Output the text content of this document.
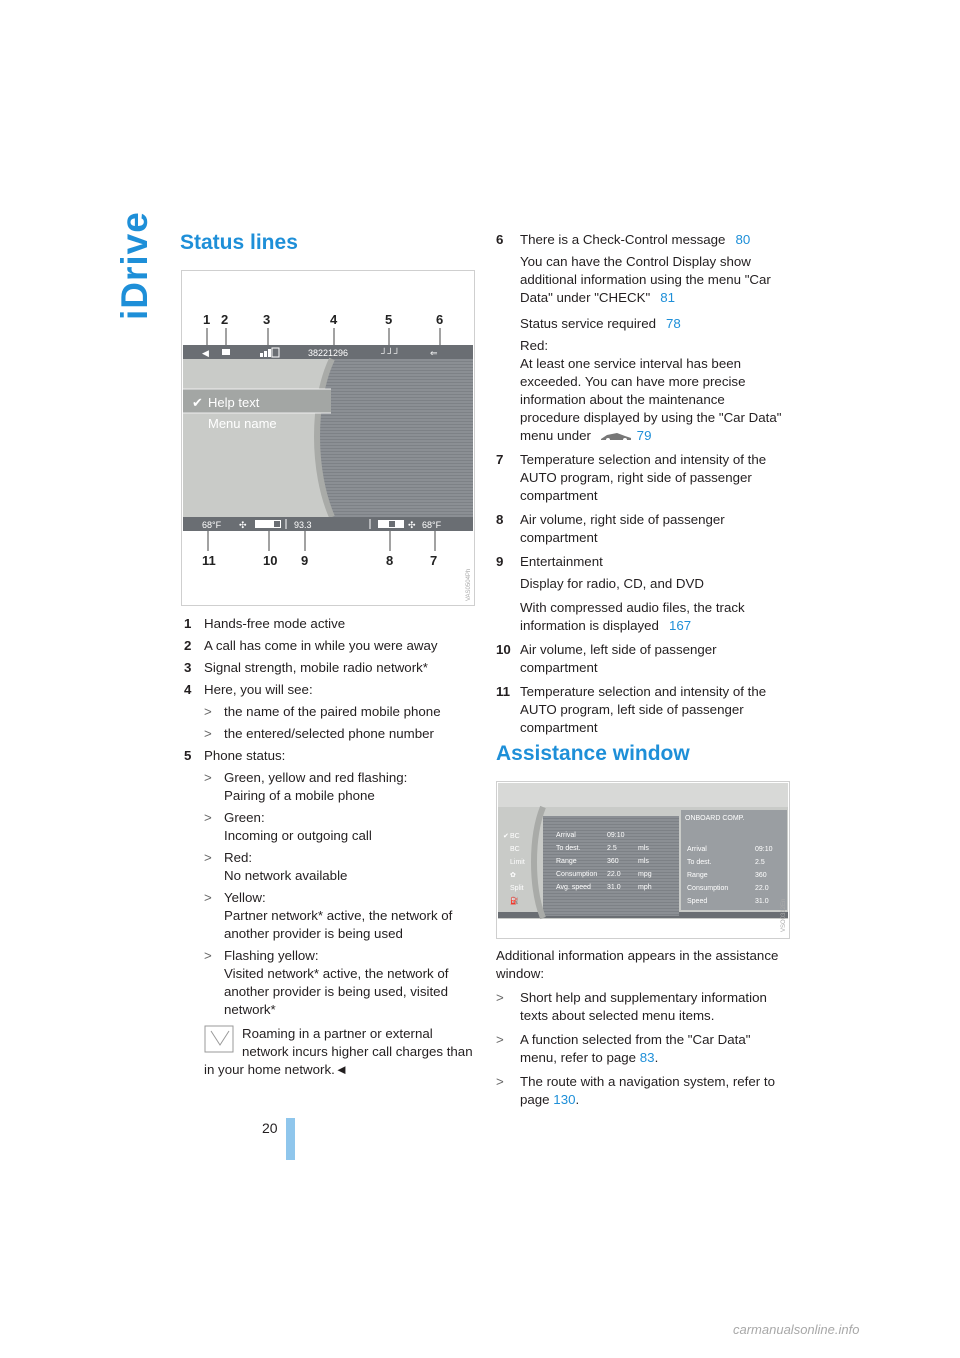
iDrive Status lines
1 2	3	4	5	6
11	10 9	8	7
◀	38221296	┘┘┘	⇐
✔ Help text
Menu name
68°F ✣	93.3	✣ 68°F
VAS0504Ph
1 Hands-free mode active
2 A call has come in while you were away
3 Signal strength, mobile radio network*
4 Here, you will see:
> the name of the paired mobile phone
> the entered/selected phone number
5 Phone status:
> Green, yellow and red flashing:
Pairing of a mobile phone
> Green:
Incoming or outgoing call
> Red:
No network available
> Yellow:
Partner network* active, the network of another provider is being used
> Flashing yellow:
Visited network* active, the network of another provider is being used, visited network*
Roaming in a partner or external network incurs higher call charges than in your home network.◄
6 There is a Check-Control message 80
You can have the Control Display show additional information using the menu "Car Data" under "CHECK" 81
Status service required 78
Red:
At least one service interval has been exceeded. You can have more precise information about the maintenance procedure displayed by using the "Car Data" menu under	79
7 Temperature selection and intensity of the AUTO program, right side of passenger compartment
8 Air volume, right side of passenger compartment
9 Entertainment
Display for radio, CD, and DVD
With compressed audio files, the track information is displayed 167
10 Air volume, left side of passenger compartment
11 Temperature selection and intensity of the AUTO program, left side of passenger compartment
Assistance window
✔ BC
BC
Limit
✿
Split
⛽
Arrival	09:10
To dest.	2.5	mls
Range	360	mls
Consumption 22.0 mpg
Avg. speed 31.0 mph
ONBOARD COMP.
Arrival	09:10
To dest.	2.5
Range	360
Consumption	22.0
Speed	31.0 VSO0312En
Additional information appears in the assistance window:
> Short help and supplementary information texts about selected menu items.
> A function selected from the "Car Data" menu, refer to page 83.
> The route with a navigation system, refer to page 130.
20
carmanualsonline.info
